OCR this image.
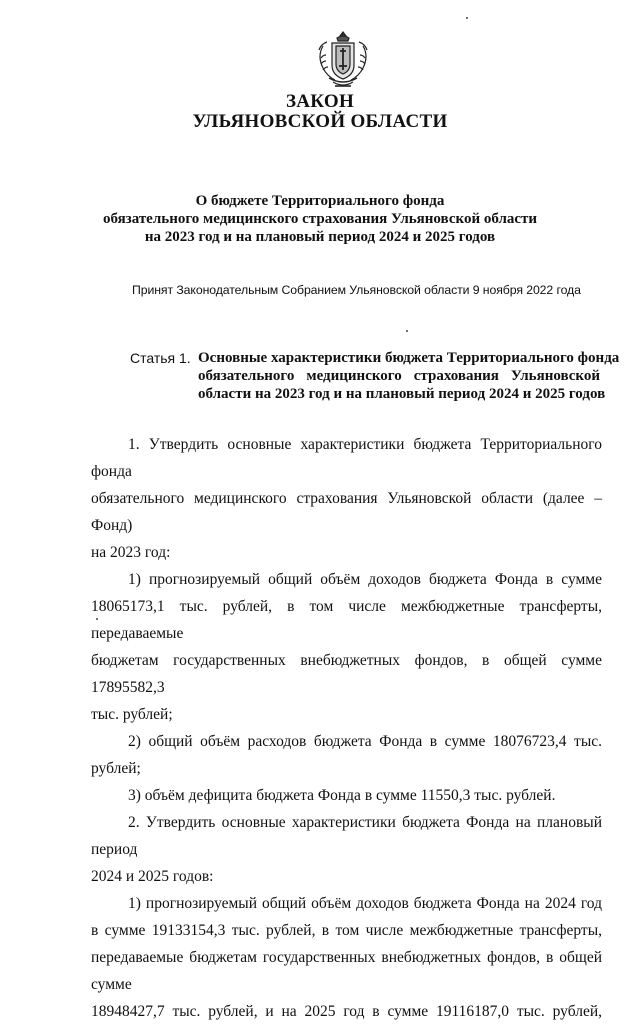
ЗАКОН
УЛЬЯНОВСКОЙ ОБЛАСТИ
О бюджете Территориального фонда
обязательного медицинского страхования Ульяновской области
на 2023 год и на плановый период 2024 и 2025 годов
Принят Законодательным Собранием Ульяновской области 9 ноября 2022 года
Статья 1. Основные характеристики бюджета Территориального фонда
обязательного медицинского страхования Ульяновской
области на 2023 год и на плановый период 2024 и 2025 годов
1. Утвердить основные характеристики бюджета Территориального фонда
обязательного медицинского страхования Ульяновской области (далее – Фонд)
на 2023 год:
1) прогнозируемый общий объём доходов бюджета Фонда в сумме
18065173,1 тыс. рублей, в том числе межбюджетные трансферты, передаваемые
бюджетам государственных внебюджетных фондов, в общей сумме 17895582,3
тыс. рублей;
2) общий объём расходов бюджета Фонда в сумме 18076723,4 тыс. рублей;
3) объём дефицита бюджета Фонда в сумме 11550,3 тыс. рублей.
2. Утвердить основные характеристики бюджета Фонда на плановый период
2024 и 2025 годов:
1) прогнозируемый общий объём доходов бюджета Фонда на 2024 год
в сумме 19133154,3 тыс. рублей, в том числе межбюджетные трансферты,
передаваемые бюджетам государственных внебюджетных фондов, в общей сумме
18948427,7 тыс. рублей, и на 2025 год в сумме 19116187,0 тыс. рублей,
